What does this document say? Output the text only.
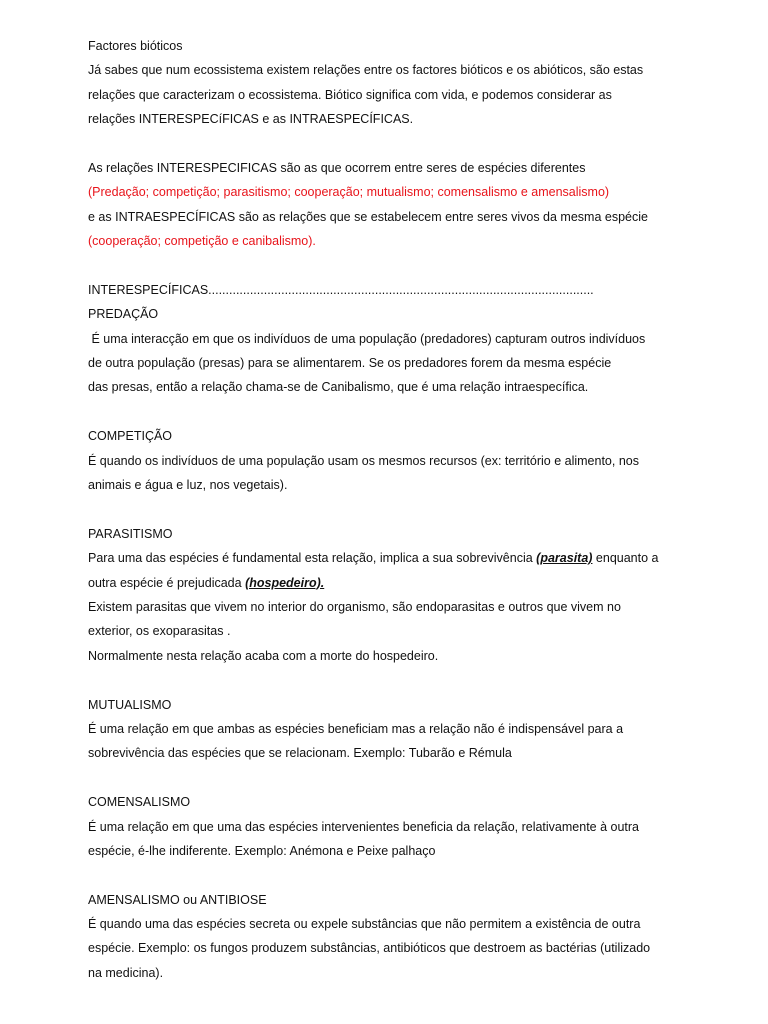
Factores bióticos
Já sabes que num ecossistema existem relações entre os factores bióticos e os abióticos, são estas
relações que caracterizam o ecossistema. Biótico significa com vida, e podemos considerar as
relações INTERESPECíFICAS e as INTRAESPECÍFICAS.
As relações INTERESPECIFICAS são as que ocorrem entre seres de espécies diferentes
(Predação; competição; parasitismo; cooperação; mutualismo; comensalismo e amensalismo)
e as INTRAESPECÍFICAS são as relações que se estabelecem entre seres vivos da mesma espécie
(cooperação; competição e canibalismo).
INTERESPECÍFICAS...............................................................................................................
PREDAÇÃO
É uma interacção em que os indivíduos de uma população (predadores) capturam outros indivíduos
de outra população (presas) para se alimentarem. Se os predadores forem da mesma espécie
das presas, então a relação chama-se de Canibalismo, que é uma relação intraespecífica.
COMPETIÇÃO
É quando os indivíduos de uma população usam os mesmos recursos (ex: território e alimento, nos
animais e água e luz, nos vegetais).
PARASITISMO
Para uma das espécies é fundamental esta relação, implica a sua sobrevivência (parasita) enquanto a
outra espécie é prejudicada (hospedeiro).
Existem parasitas que vivem no interior do organismo, são endoparasitas e outros que vivem no
exterior, os exoparasitas .
Normalmente nesta relação acaba com a morte do hospedeiro.
MUTUALISMO
É uma relação em que ambas as espécies beneficiam mas a relação não é indispensável para a
sobrevivência das espécies que se relacionam. Exemplo: Tubarão e Rémula
COMENSALISMO
É uma relação em que uma das espécies intervenientes beneficia da relação, relativamente à outra
espécie, é-lhe indiferente. Exemplo: Anémona e Peixe palhaço
AMENSALISMO ou ANTIBIOSE
É quando uma das espécies secreta ou expele substâncias que não permitem a existência de outra
espécie. Exemplo: os fungos produzem substâncias, antibióticos que destroem as bactérias (utilizado
na medicina).
